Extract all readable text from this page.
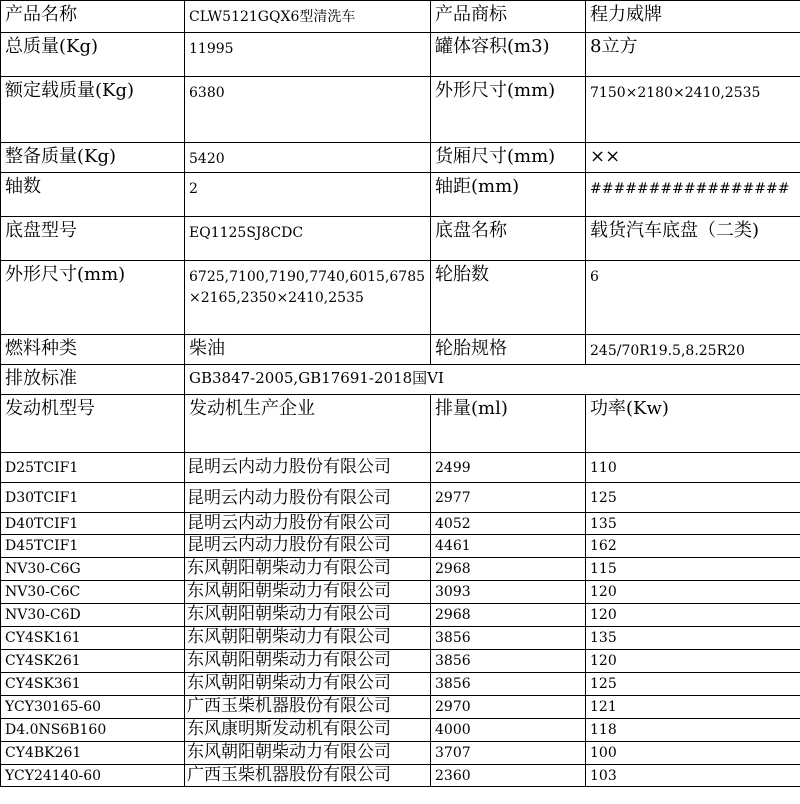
产品名称	CLW5121GQX6型清洗车	产品商标	程力威牌
总质量(Kg)	11995	罐体容积(m3)	8立方
额定载质量(Kg)	6380	外形尺寸(mm)	7150×2180×2410,2535
整备质量(Kg)	5420	货厢尺寸(mm)	××
轴数	2	轴距(mm)	#################
底盘型号	EQ1125SJ8CDC	底盘名称	载货汽车底盘（二类)
外形尺寸(mm)	6725,7100,7190,7740,6015,6785×2165,2350×2410,2535	轮胎数	6
燃料种类	柴油	轮胎规格	245/70R19.5,8.25R20
排放标准	GB3847-2005,GB17691-2018国VI		
发动机型号	发动机生产企业	排量(ml)	功率(Kw)
D25TCIF1	昆明云内动力股份有限公司	2499	110
D30TCIF1	昆明云内动力股份有限公司	2977	125
D40TCIF1	昆明云内动力股份有限公司	4052	135
D45TCIF1	昆明云内动力股份有限公司	4461	162
NV30-C6G	东风朝阳朝柴动力有限公司	2968	115
NV30-C6C	东风朝阳朝柴动力有限公司	3093	120
NV30-C6D	东风朝阳朝柴动力有限公司	2968	120
CY4SK161	东风朝阳朝柴动力有限公司	3856	135
CY4SK261	东风朝阳朝柴动力有限公司	3856	120
CY4SK361	东风朝阳朝柴动力有限公司	3856	125
YCY30165-60	广西玉柴机器股份有限公司	2970	121
D4.0NS6B160	东风康明斯发动机有限公司	4000	118
CY4BK261	东风朝阳朝柴动力有限公司	3707	100
YCY24140-60	广西玉柴机器股份有限公司	2360	103
